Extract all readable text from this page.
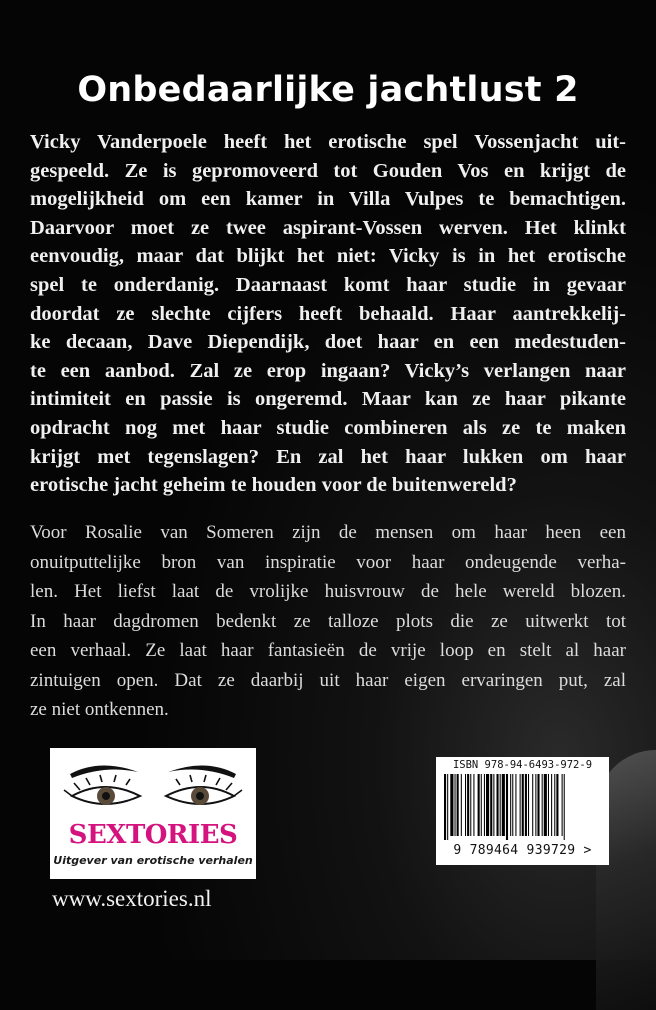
Onbedaarlijke jachtlust 2
Vicky Vanderpoele heeft het erotische spel Vossenjacht uit-
gespeeld. Ze is gepromoveerd tot Gouden Vos en krijgt de
mogelijkheid om een kamer in Villa Vulpes te bemachtigen.
Daarvoor moet ze twee aspirant-Vossen werven. Het klinkt
eenvoudig, maar dat blijkt het niet: Vicky is in het erotische
spel te onderdanig. Daarnaast komt haar studie in gevaar
doordat ze slechte cijfers heeft behaald. Haar aantrekkelij-
ke decaan, Dave Diependijk, doet haar en een medestuden-
te een aanbod. Zal ze erop ingaan? Vicky’s verlangen naar
intimiteit en passie is ongeremd. Maar kan ze haar pikante
opdracht nog met haar studie combineren als ze te maken
krijgt met tegenslagen? En zal het haar lukken om haar
erotische jacht geheim te houden voor de buitenwereld?
Voor Rosalie van Someren zijn de mensen om haar heen een
onuitputtelijke bron van inspiratie voor haar ondeugende verha-
len. Het liefst laat de vrolijke huisvrouw de hele wereld blozen.
In haar dagdromen bedenkt ze talloze plots die ze uitwerkt tot
een verhaal. Ze laat haar fantasieën de vrije loop en stelt al haar
zintuigen open. Dat ze daarbij uit haar eigen ervaringen put, zal
ze niet ontkennen.
SEXTORIES
Uitgever van erotische verhalen
www.sextories.nl
ISBN 978-94-6493-972-9
9 789464 939729 >
